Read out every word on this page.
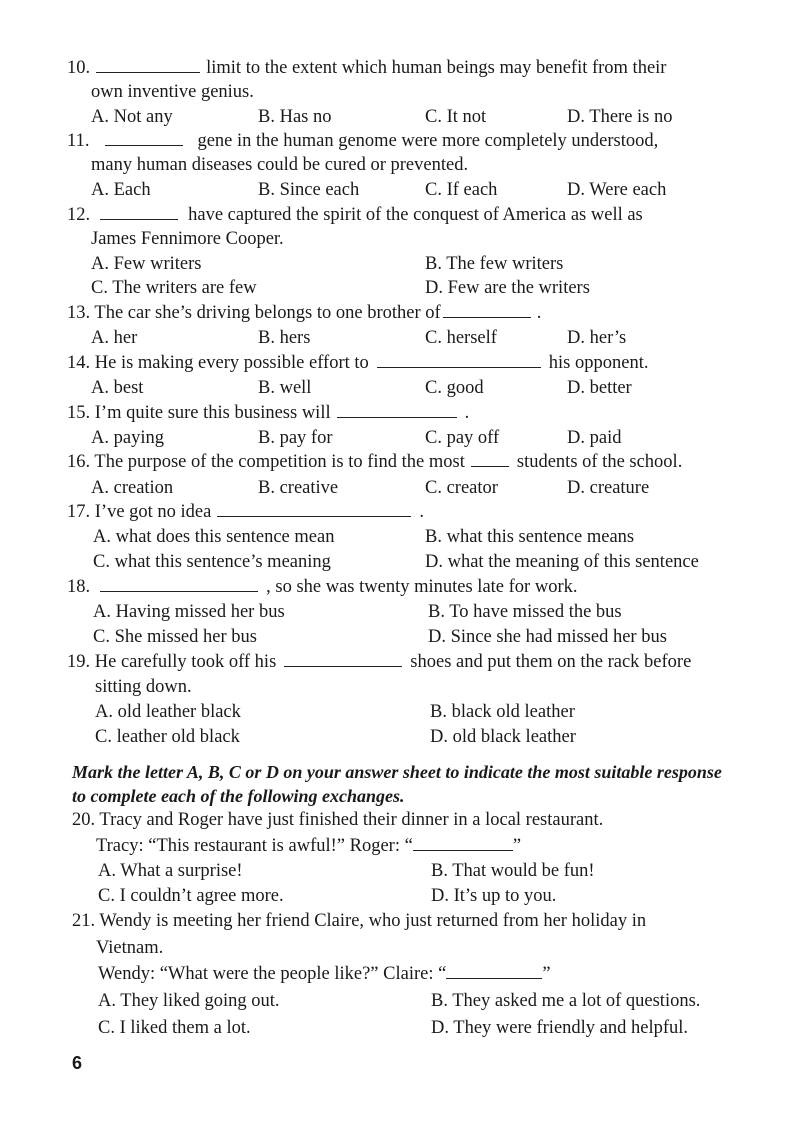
10.	limit to the extent which human beings may benefit from their
own inventive genius.
A. Not any	B. Has no	C. It not	D. There is no
11.	gene in the human genome were more completely understood,
many human diseases could be cured or prevented.
A. Each	B. Since each	C. If each	D. Were each
12.	have captured the spirit of the conquest of America as well as
James Fennimore Cooper.
A. Few writers	B. The few writers
C. The writers are few	D. Few are the writers
13. The car she’s driving belongs to one brother of	.
A. her	B. hers	C. herself	D. her’s
14. He is making every possible effort to	his opponent.
A. best	B. well	C. good	D. better
15. I’m quite sure this business will	.
A. paying	B. pay for	C. pay off	D. paid
16. The purpose of the competition is to find the most	students of the school.
A. creation	B. creative	C. creator	D. creature
17. I’ve got no idea	.
A. what does this sentence mean	B. what this sentence means
C. what this sentence’s meaning	D. what the meaning of this sentence
18.	, so she was twenty minutes late for work.
A. Having missed her bus	B. To have missed the bus
C. She missed her bus	D. Since she had missed her bus
19. He carefully took off his	shoes and put them on the rack before
sitting down.
A. old leather black	B. black old leather
C. leather old black	D. old black leather
Mark the letter A, B, C or D on your answer sheet to indicate the most suitable response to complete each of the following exchanges.
20. Tracy and Roger have just finished their dinner in a local restaurant.
Tracy: “This restaurant is awful!” Roger: “	”
A. What a surprise!	B. That would be fun!
C. I couldn’t agree more.	D. It’s up to you.
21. Wendy is meeting her friend Claire, who just returned from her holiday in
Vietnam.
Wendy: “What were the people like?” Claire: “	”
A. They liked going out.	B. They asked me a lot of questions.
C. I liked them a lot.	D. They were friendly and helpful.
6
